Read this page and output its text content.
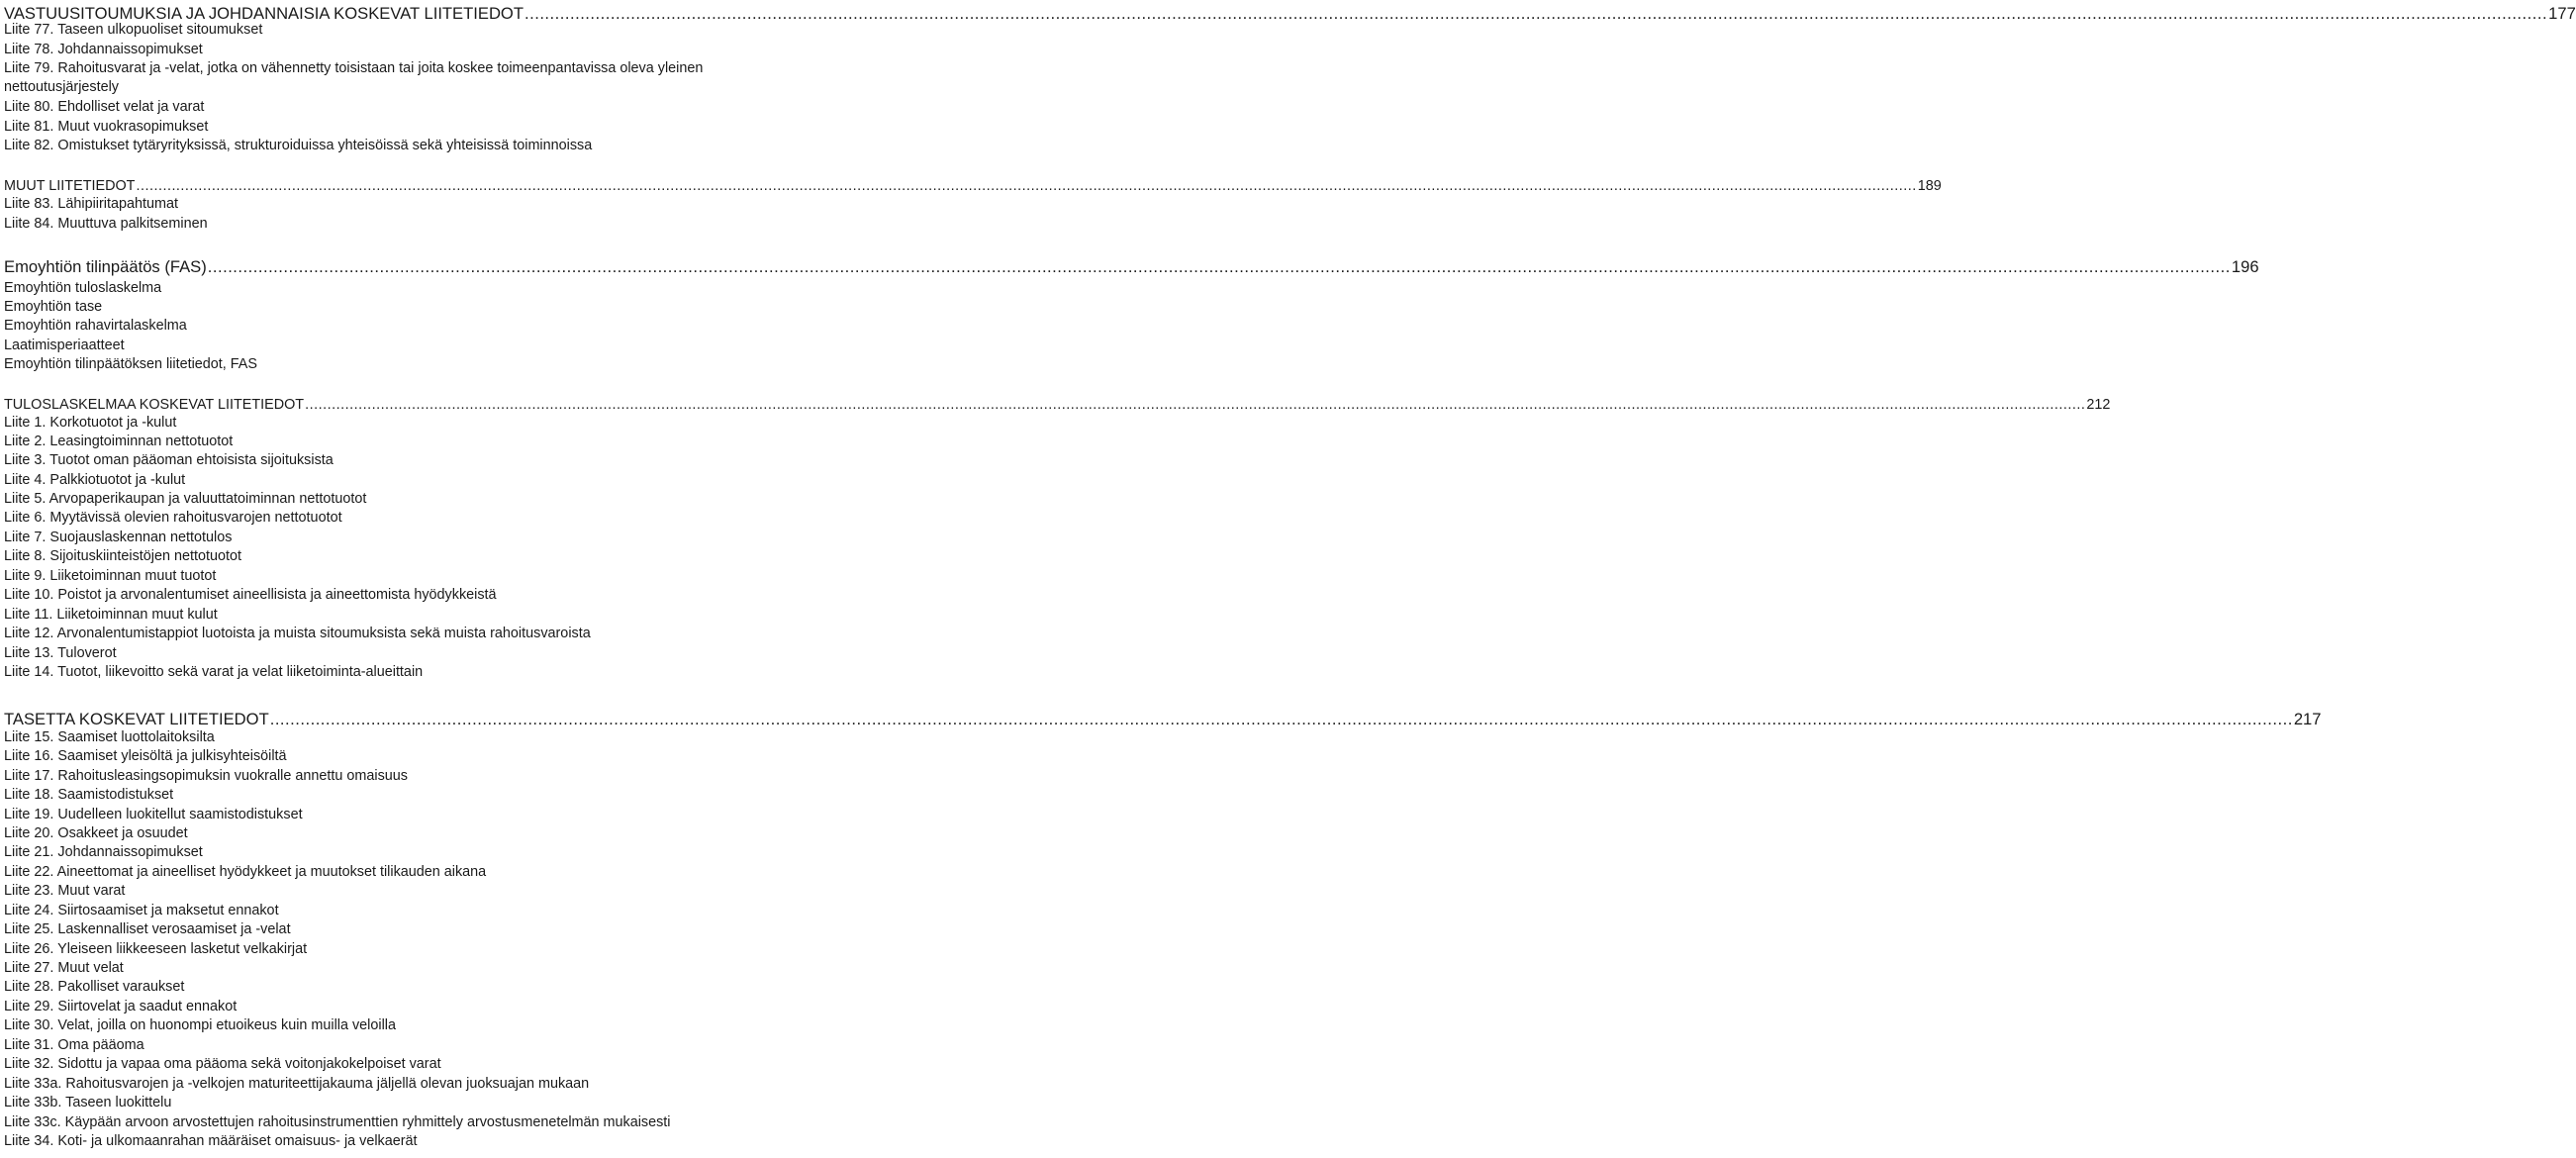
VASTUUSITOUMUKSIA JA JOHDANNAISIA KOSKEVAT LIITETIEDOT ................................................................................................................................................................................................................................................................................................................................................................................................................ 177
Liite 77. Taseen ulkopuoliset sitoumukset
Liite 78. Johdannaissopimukset
Liite 79. Rahoitusvarat ja -velat, jotka on vähennetty toisistaan tai joita koskee toimeenpantavissa oleva yleinen
nettoutusjärjestely
Liite 80. Ehdolliset velat ja varat
Liite 81. Muut vuokrasopimukset
Liite 82. Omistukset tytäryrityksissä, strukturoiduissa yhteisöissä sekä yhteisissä toiminnoissa
MUUT LIITETIEDOT ................................................................................................................................................................................................................................................................................................................................................................................................................ 189
Liite 83. Lähipiiritapahtumat
Liite 84. Muuttuva palkitseminen
Emoyhtiön tilinpäätös (FAS) ................................................................................................................................................................................................................................................................................................................................................................................................................ 196
Emoyhtiön tuloslaskelma
Emoyhtiön tase
Emoyhtiön rahavirtalaskelma
Laatimisperiaatteet
Emoyhtiön tilinpäätöksen liitetiedot, FAS
TULOSLASKELMAA KOSKEVAT LIITETIEDOT ................................................................................................................................................................................................................................................................................................................................................................................................................ 212
Liite 1. Korkotuotot ja -kulut
Liite 2. Leasingtoiminnan nettotuotot
Liite 3. Tuotot oman pääoman ehtoisista sijoituksista
Liite 4. Palkkiotuotot ja -kulut
Liite 5. Arvopaperikaupan ja valuuttatoiminnan nettotuotot
Liite 6. Myytävissä olevien rahoitusvarojen nettotuotot
Liite 7. Suojauslaskennan nettotulos
Liite 8. Sijoituskiinteistöjen nettotuotot
Liite 9. Liiketoiminnan muut tuotot
Liite 10. Poistot ja arvonalentumiset aineellisista ja aineettomista hyödykkeistä
Liite 11. Liiketoiminnan muut kulut
Liite 12. Arvonalentumistappiot luotoista ja muista sitoumuksista sekä muista rahoitusvaroista
Liite 13. Tuloverot
Liite 14. Tuotot, liikevoitto sekä varat ja velat liiketoiminta-alueittain
TASETTA KOSKEVAT LIITETIEDOT ................................................................................................................................................................................................................................................................................................................................................................................................................ 217
Liite 15. Saamiset luottolaitoksilta
Liite 16. Saamiset yleisöltä ja julkisyhteisöiltä
Liite 17. Rahoitusleasingsopimuksin vuokralle annettu omaisuus
Liite 18. Saamistodistukset
Liite 19. Uudelleen luokitellut saamistodistukset
Liite 20. Osakkeet ja osuudet
Liite 21. Johdannaissopimukset
Liite 22. Aineettomat ja aineelliset hyödykkeet ja muutokset tilikauden aikana
Liite 23. Muut varat
Liite 24. Siirtosaamiset ja maksetut ennakot
Liite 25. Laskennalliset verosaamiset ja -velat
Liite 26. Yleiseen liikkeeseen lasketut velkakirjat
Liite 27. Muut velat
Liite 28. Pakolliset varaukset
Liite 29. Siirtovelat ja saadut ennakot
Liite 30. Velat, joilla on huonompi etuoikeus kuin muilla veloilla
Liite 31. Oma pääoma
Liite 32. Sidottu ja vapaa oma pääoma sekä voitonjakokelpoiset varat
Liite 33a. Rahoitusvarojen ja -velkojen maturiteettijakauma jäljellä olevan juoksuajan mukaan
Liite 33b. Taseen luokittelu
Liite 33c. Käypään arvoon arvostettujen rahoitusinstrumenttien ryhmittely arvostusmenetelmän mukaisesti
Liite 34. Koti- ja ulkomaanrahan määräiset omaisuus- ja velkaerät
